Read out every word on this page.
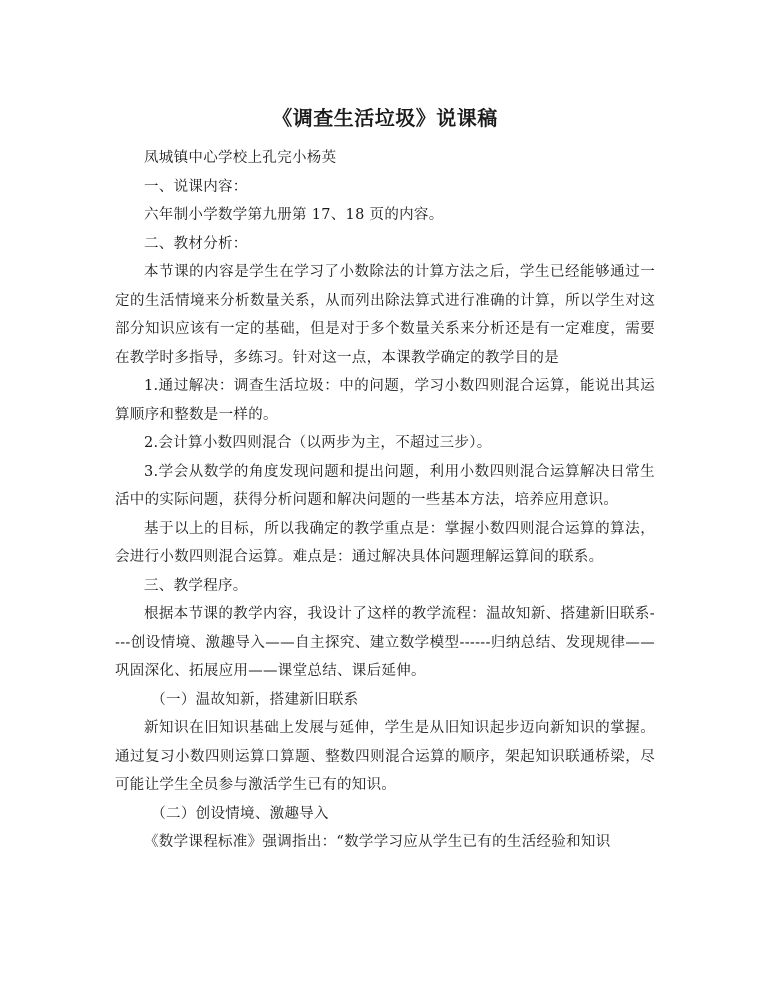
《调查生活垃圾》说课稿

凤城镇中心学校上孔完小杨英

一、说课内容：

六年制小学数学第九册第 17、18 页的内容。

二、教材分析：

本节课的内容是学生在学习了小数除法的计算方法之后，学生已经能够通过一定的生活情境来分析数量关系，从而列出除法算式进行准确的计算，所以学生对这部分知识应该有一定的基础，但是对于多个数量关系来分析还是有一定难度，需要在教学时多指导，多练习。针对这一点，本课教学确定的教学目的是

1.通过解决：调查生活垃圾：中的问题，学习小数四则混合运算，能说出其运算顺序和整数是一样的。

2.会计算小数四则混合（以两步为主，不超过三步）。

3.学会从数学的角度发现问题和提出问题，利用小数四则混合运算解决日常生活中的实际问题，获得分析问题和解决问题的一些基本方法，培养应用意识。

基于以上的目标，所以我确定的教学重点是：掌握小数四则混合运算的算法，会进行小数四则混合运算。难点是：通过解决具体问题理解运算间的联系。

三、教学程序。

根据本节课的教学内容，我设计了这样的教学流程：温故知新、搭建新旧联系----创设情境、激趣导入——自主探究、建立数学模型------归纳总结、发现规律——巩固深化、拓展应用——课堂总结、课后延伸。

（一）温故知新，搭建新旧联系

新知识在旧知识基础上发展与延伸，学生是从旧知识起步迈向新知识的掌握。通过复习小数四则运算口算题、整数四则混合运算的顺序，架起知识联通桥梁，尽可能让学生全员参与激活学生已有的知识。

（二）创设情境、激趣导入

《数学课程标准》强调指出：“数学学习应从学生已有的生活经验和知识
